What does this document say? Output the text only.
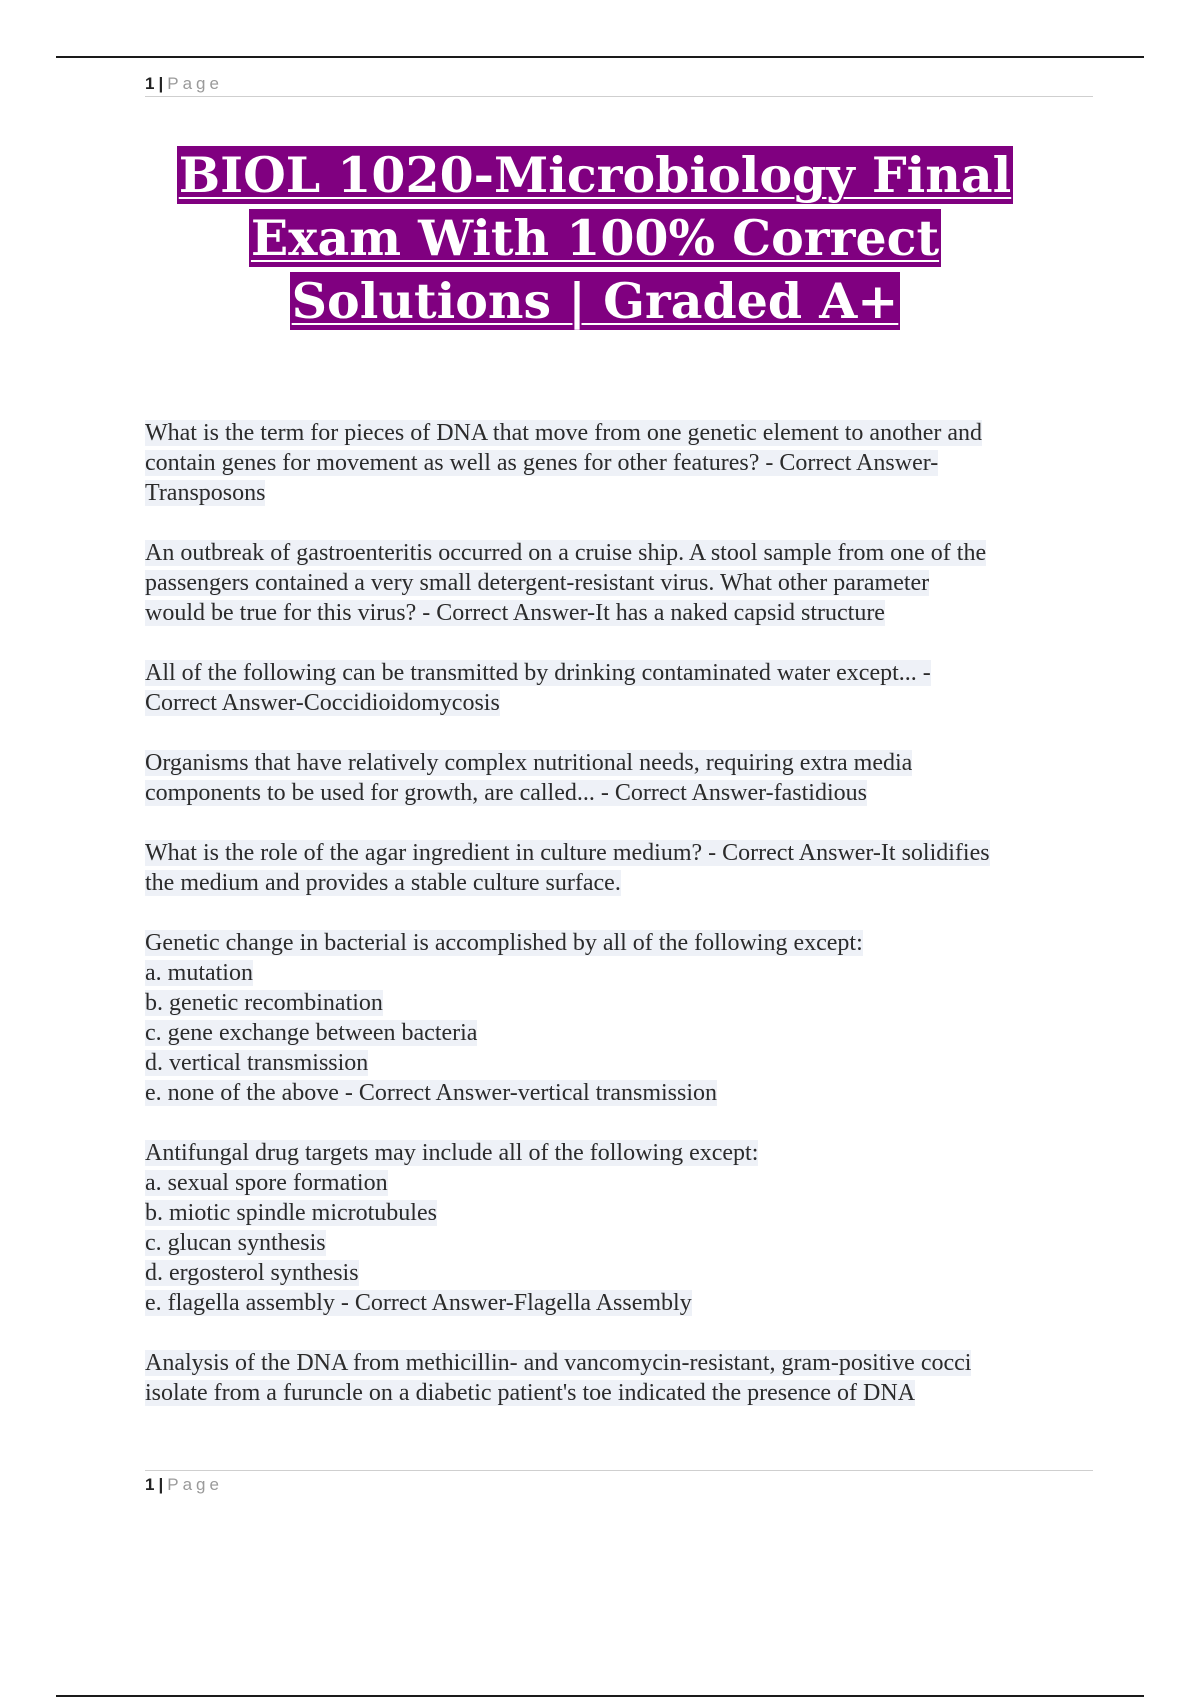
1 | Page
BIOL 1020-Microbiology Final
Exam With 100% Correct
Solutions | Graded A+
What is the term for pieces of DNA that move from one genetic element to another and
contain genes for movement as well as genes for other features? - Correct Answer-
Transposons
An outbreak of gastroenteritis occurred on a cruise ship. A stool sample from one of the
passengers contained a very small detergent-resistant virus. What other parameter
would be true for this virus? - Correct Answer-It has a naked capsid structure
All of the following can be transmitted by drinking contaminated water except... -
Correct Answer-Coccidioidomycosis
Organisms that have relatively complex nutritional needs, requiring extra media
components to be used for growth, are called... - Correct Answer-fastidious
What is the role of the agar ingredient in culture medium? - Correct Answer-It solidifies
the medium and provides a stable culture surface.
Genetic change in bacterial is accomplished by all of the following except:
a. mutation
b. genetic recombination
c. gene exchange between bacteria
d. vertical transmission
e. none of the above - Correct Answer-vertical transmission
Antifungal drug targets may include all of the following except:
a. sexual spore formation
b. miotic spindle microtubules
c. glucan synthesis
d. ergosterol synthesis
e. flagella assembly - Correct Answer-Flagella Assembly
Analysis of the DNA from methicillin- and vancomycin-resistant, gram-positive cocci
isolate from a furuncle on a diabetic patient's toe indicated the presence of DNA
1 | Page
